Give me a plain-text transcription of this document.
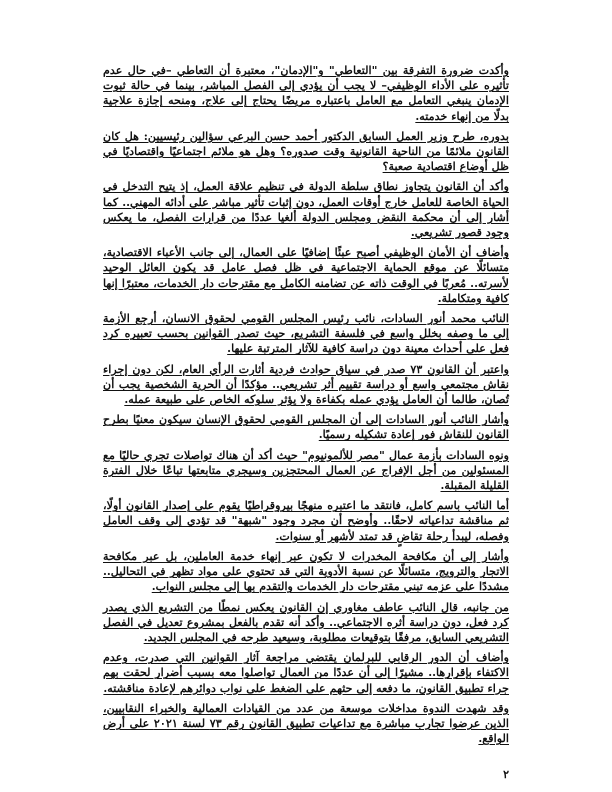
وأكدت ضرورة التفرقة بين "التعاطي" و"الإدمان"، معتبرة أن التعاطي –في حال عدم تأثيره على الأداء الوظيفي– لا يجب أن يؤدي إلى الفصل المباشر، بينما في حالة ثبوت الإدمان ينبغي التعامل مع العامل باعتباره مريضًا يحتاج إلى علاج، ومنحه إجازة علاجية بدلًا من إنهاء خدمته.

بدوره، طرح وزير العمل السابق الدكتور أحمد حسن البرعي سؤالين رئيسيين: هل كان القانون ملائمًا من الناحية القانونية وقت صدوره؟ وهل هو ملائم اجتماعيًا واقتصاديًا في ظل أوضاع اقتصادية صعبة؟

وأكد أن القانون يتجاوز نطاق سلطة الدولة في تنظيم علاقة العمل، إذ يتيح التدخل في الحياة الخاصة للعامل خارج أوقات العمل، دون إثبات تأثير مباشر على أدائه المهني.. كما أشار إلى أن محكمة النقض ومجلس الدولة ألغيا عددًا من قرارات الفصل، ما يعكس وجود قصور تشريعي.

وأضاف أن الأمان الوظيفي أصبح عبئًا إضافيًا على العمال، إلى جانب الأعباء الاقتصادية، متسائلًا عن موقع الحماية الاجتماعية في ظل فصل عامل قد يكون العائل الوحيد لأسرته.. مُعربًا في الوقت ذاته عن تضامنه الكامل مع مقترحات دار الخدمات، معتبرًا إنها كافية ومتكاملة.

النائب محمد أنور السادات، نائب رئيس المجلس القومي لحقوق الانسان، أرجع الأزمة إلى ما وصفه بخلل واسع في فلسفة التشريع، حيث تصدر القوانين بحسب تعبيره كرد فعل على أحداث معينة دون دراسة كافية للآثار المترتبة عليها.

واعتبر أن القانون ٧٣ صدر في سياق حوادث فردية أثارت الرأي العام، لكن دون إجراء نقاش مجتمعي واسع أو دراسة تقييم أثر تشريعي.. مؤكدًا أن الحرية الشخصية يجب أن تُصان، طالما أن العامل يؤدي عمله بكفاءة ولا يؤثر سلوكه الخاص على طبيعة عمله.

وأشار النائب أنور السادات إلى أن المجلس القومي لحقوق الإنسان سيكون معنيًا بطرح القانون للنقاش فور إعادة تشكيله رسميًا.

ونوه السادات بأزمة عمال "مصر للألمونيوم" حيث أكد أن هناك تواصلات تجري حاليًا مع المسئولين من أجل الإفراج عن العمال المحتجزين وسيجري متابعتها تباعًا خلال الفترة القليلة المقبلة.

أما النائب باسم كامل، فانتقد ما اعتبره منهجًا بيروقراطيًا يقوم على إصدار القانون أولًا، ثم مناقشة تداعياته لاحقًا.. وأوضح أن مجرد وجود "شبهة" قد تؤدي إلى وقف العامل وفصله، ليبدأ رحلة تقاضٍ قد تمتد لأشهر أو سنوات.

وأشار إلى أن مكافحة المخدرات لا تكون عبر إنهاء خدمة العاملين، بل عبر مكافحة الاتجار والترويج، متسائلًا عن نسبة الأدوية التي قد تحتوي على مواد تظهر في التحاليل.. مشددًا على عزمه تبني مقترحات دار الخدمات والتقدم بها إلى مجلس النواب.

من جانبه، قال النائب عاطف مغاوري إن القانون يعكس نمطًا من التشريع الذي يصدر كرد فعل، دون دراسة أثره الاجتماعي.. وأكد أنه تقدم بالفعل بمشروع تعديل في الفصل التشريعي السابق، مرفقًا بتوقيعات مطلوبة، وسيعيد طرحه في المجلس الجديد.

وأضاف أن الدور الرقابي للبرلمان يقتضي مراجعة آثار القوانين التي صدرت، وعدم الاكتفاء بإقرارها.. مشيرًا إلى أن عددًا من العمال تواصلوا معه بسبب أضرار لحقت بهم جراء تطبيق القانون، ما دفعه إلى حثهم على الضغط على نواب دوائرهم لإعادة مناقشته.

وقد شهدت الندوة مداخلات موسعة من عدد من القيادات العمالية والخبراء النقابيين، الذين عرضوا تجارب مباشرة مع تداعيات تطبيق القانون رقم ٧٣ لسنة ٢٠٢١ على أرض الواقع.

٢
